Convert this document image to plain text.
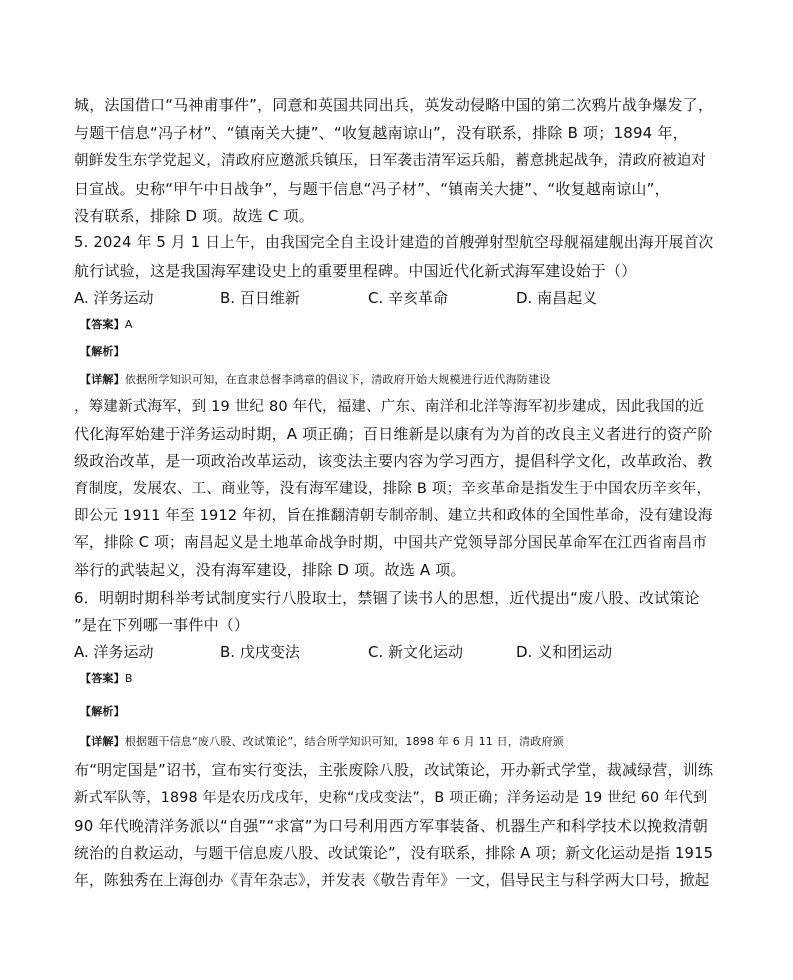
城，法国借口“马神甫事件”，同意和英国共同出兵，英发动侵略中国的第二次鸦片战争爆发了，
与题干信息“冯子材”、“镇南关大捷”、“收复越南谅山”，没有联系，排除 B 项；1894 年，
朝鲜发生东学党起义，清政府应邀派兵镇压，日军袭击清军运兵船，蓄意挑起战争，清政府被迫对
日宣战。史称“甲午中日战争”，与题干信息“冯子材”、“镇南关大捷”、“收复越南谅山”，
没有联系，排除 D 项。故选 C 项。
5. 2024 年 5 月 1 日上午，由我国完全自主设计建造的首艘弹射型航空母舰福建舰出海开展首次
航行试验，这是我国海军建设史上的重要里程碑。中国近代化新式海军建设始于（）
A. 洋务运动	B. 百日维新	C. 辛亥革命	D. 南昌起义
【答案】A
【解析】
【详解】依据所学知识可知，在直隶总督李鸿章的倡议下，清政府开始大规模进行近代海防建设
，筹建新式海军，到 19 世纪 80 年代，福建、广东、南洋和北洋等海军初步建成，因此我国的近
代化海军始建于洋务运动时期，A 项正确；百日维新是以康有为为首的改良主义者进行的资产阶
级政治改革，是一项政治改革运动，该变法主要内容为学习西方，提倡科学文化，改革政治、教
育制度，发展农、工、商业等，没有海军建设，排除 B 项；辛亥革命是指发生于中国农历辛亥年，
即公元 1911 年至 1912 年初，旨在推翻清朝专制帝制、建立共和政体的全国性革命，没有建设海
军，排除 C 项；南昌起义是土地革命战争时期，中国共产党领导部分国民革命军在江西省南昌市
举行的武装起义，没有海军建设，排除 D 项。故选 A 项。
6．明朝时期科举考试制度实行八股取士，禁锢了读书人的思想，近代提出“废八股、改试策论
”是在下列哪一事件中（）
A. 洋务运动	B. 戊戌变法	C. 新文化运动	D. 义和团运动
【答案】B
【解析】
【详解】根据题干信息“废八股、改试策论”，结合所学知识可知，1898 年 6 月 11 日，清政府颁
布“明定国是”诏书，宣布实行变法，主张废除八股，改试策论，开办新式学堂，裁减绿营，训练
新式军队等，1898 年是农历戊戌年，史称“戊戌变法”，B 项正确；洋务运动是 19 世纪 60 年代到
90 年代晚清洋务派以“自强”“求富”为口号利用西方军事装备、机器生产和科学技术以挽救清朝
统治的自救运动，与题干信息废八股、改试策论”，没有联系，排除 A 项；新文化运动是指 1915
年，陈独秀在上海创办《青年杂志》，并发表《敬告青年》一文，倡导民主与科学两大口号，掀起
